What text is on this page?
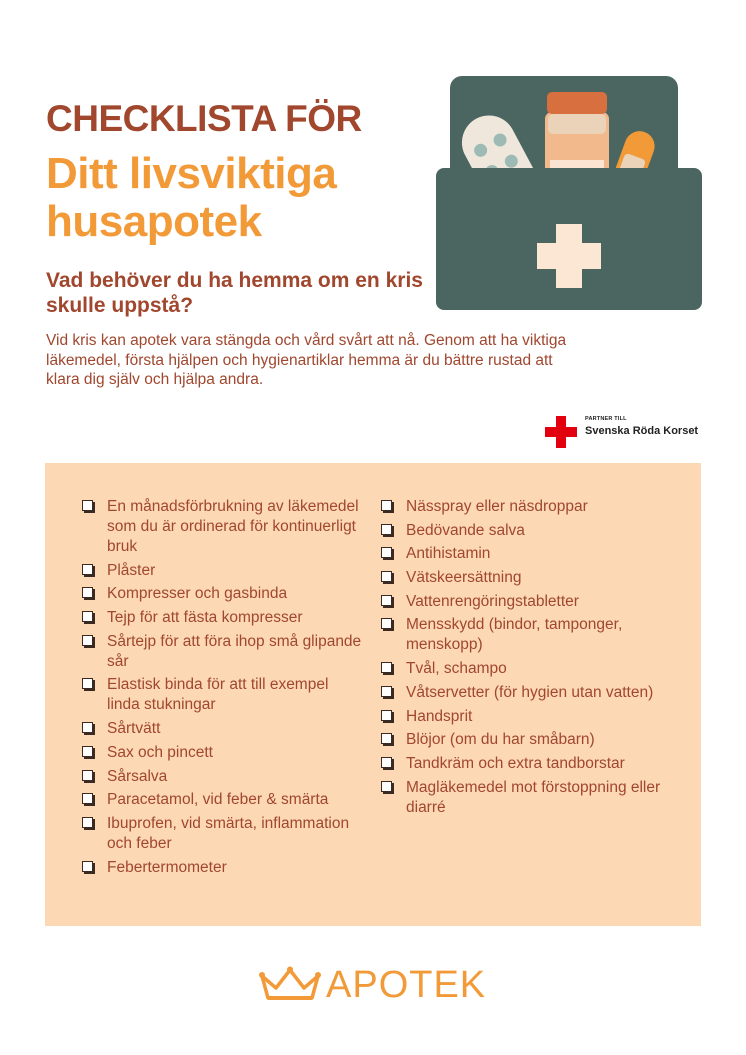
CHECKLISTA FÖR
Ditt livsviktiga husapotek
Vad behöver du ha hemma om en kris skulle uppstå?

Vid kris kan apotek vara stängda och vård svårt att nå. Genom att ha viktiga läkemedel, första hjälpen och hygienartiklar hemma är du bättre rustad att klara dig själv och hjälpa andra.

PARTNER TILL
Svenska Röda Korset
En månadsförbrukning av läkemedel som du är ordinerad för kontinuerligt bruk
Plåster
Kompresser och gasbinda
Tejp för att fästa kompresser
Sårtejp för att föra ihop små glipande sår
Elastisk binda för att till exempel linda stukningar
Sårtvätt
Sax och pincett
Sårsalva
Paracetamol, vid feber & smärta
Ibuprofen, vid smärta, inflammation och feber
Febertermometer
Nässpray eller näsdroppar
Bedövande salva
Antihistamin
Vätskeersättning
Vattenrengöringstabletter
Mensskydd (bindor, tamponger, menskopp)
Tvål, schampo
Våtservetter (för hygien utan vatten)
Handsprit
Blöjor (om du har småbarn)
Tandkräm och extra tandborstar
Magläkemedel mot förstoppning eller diarré
APOTEK
